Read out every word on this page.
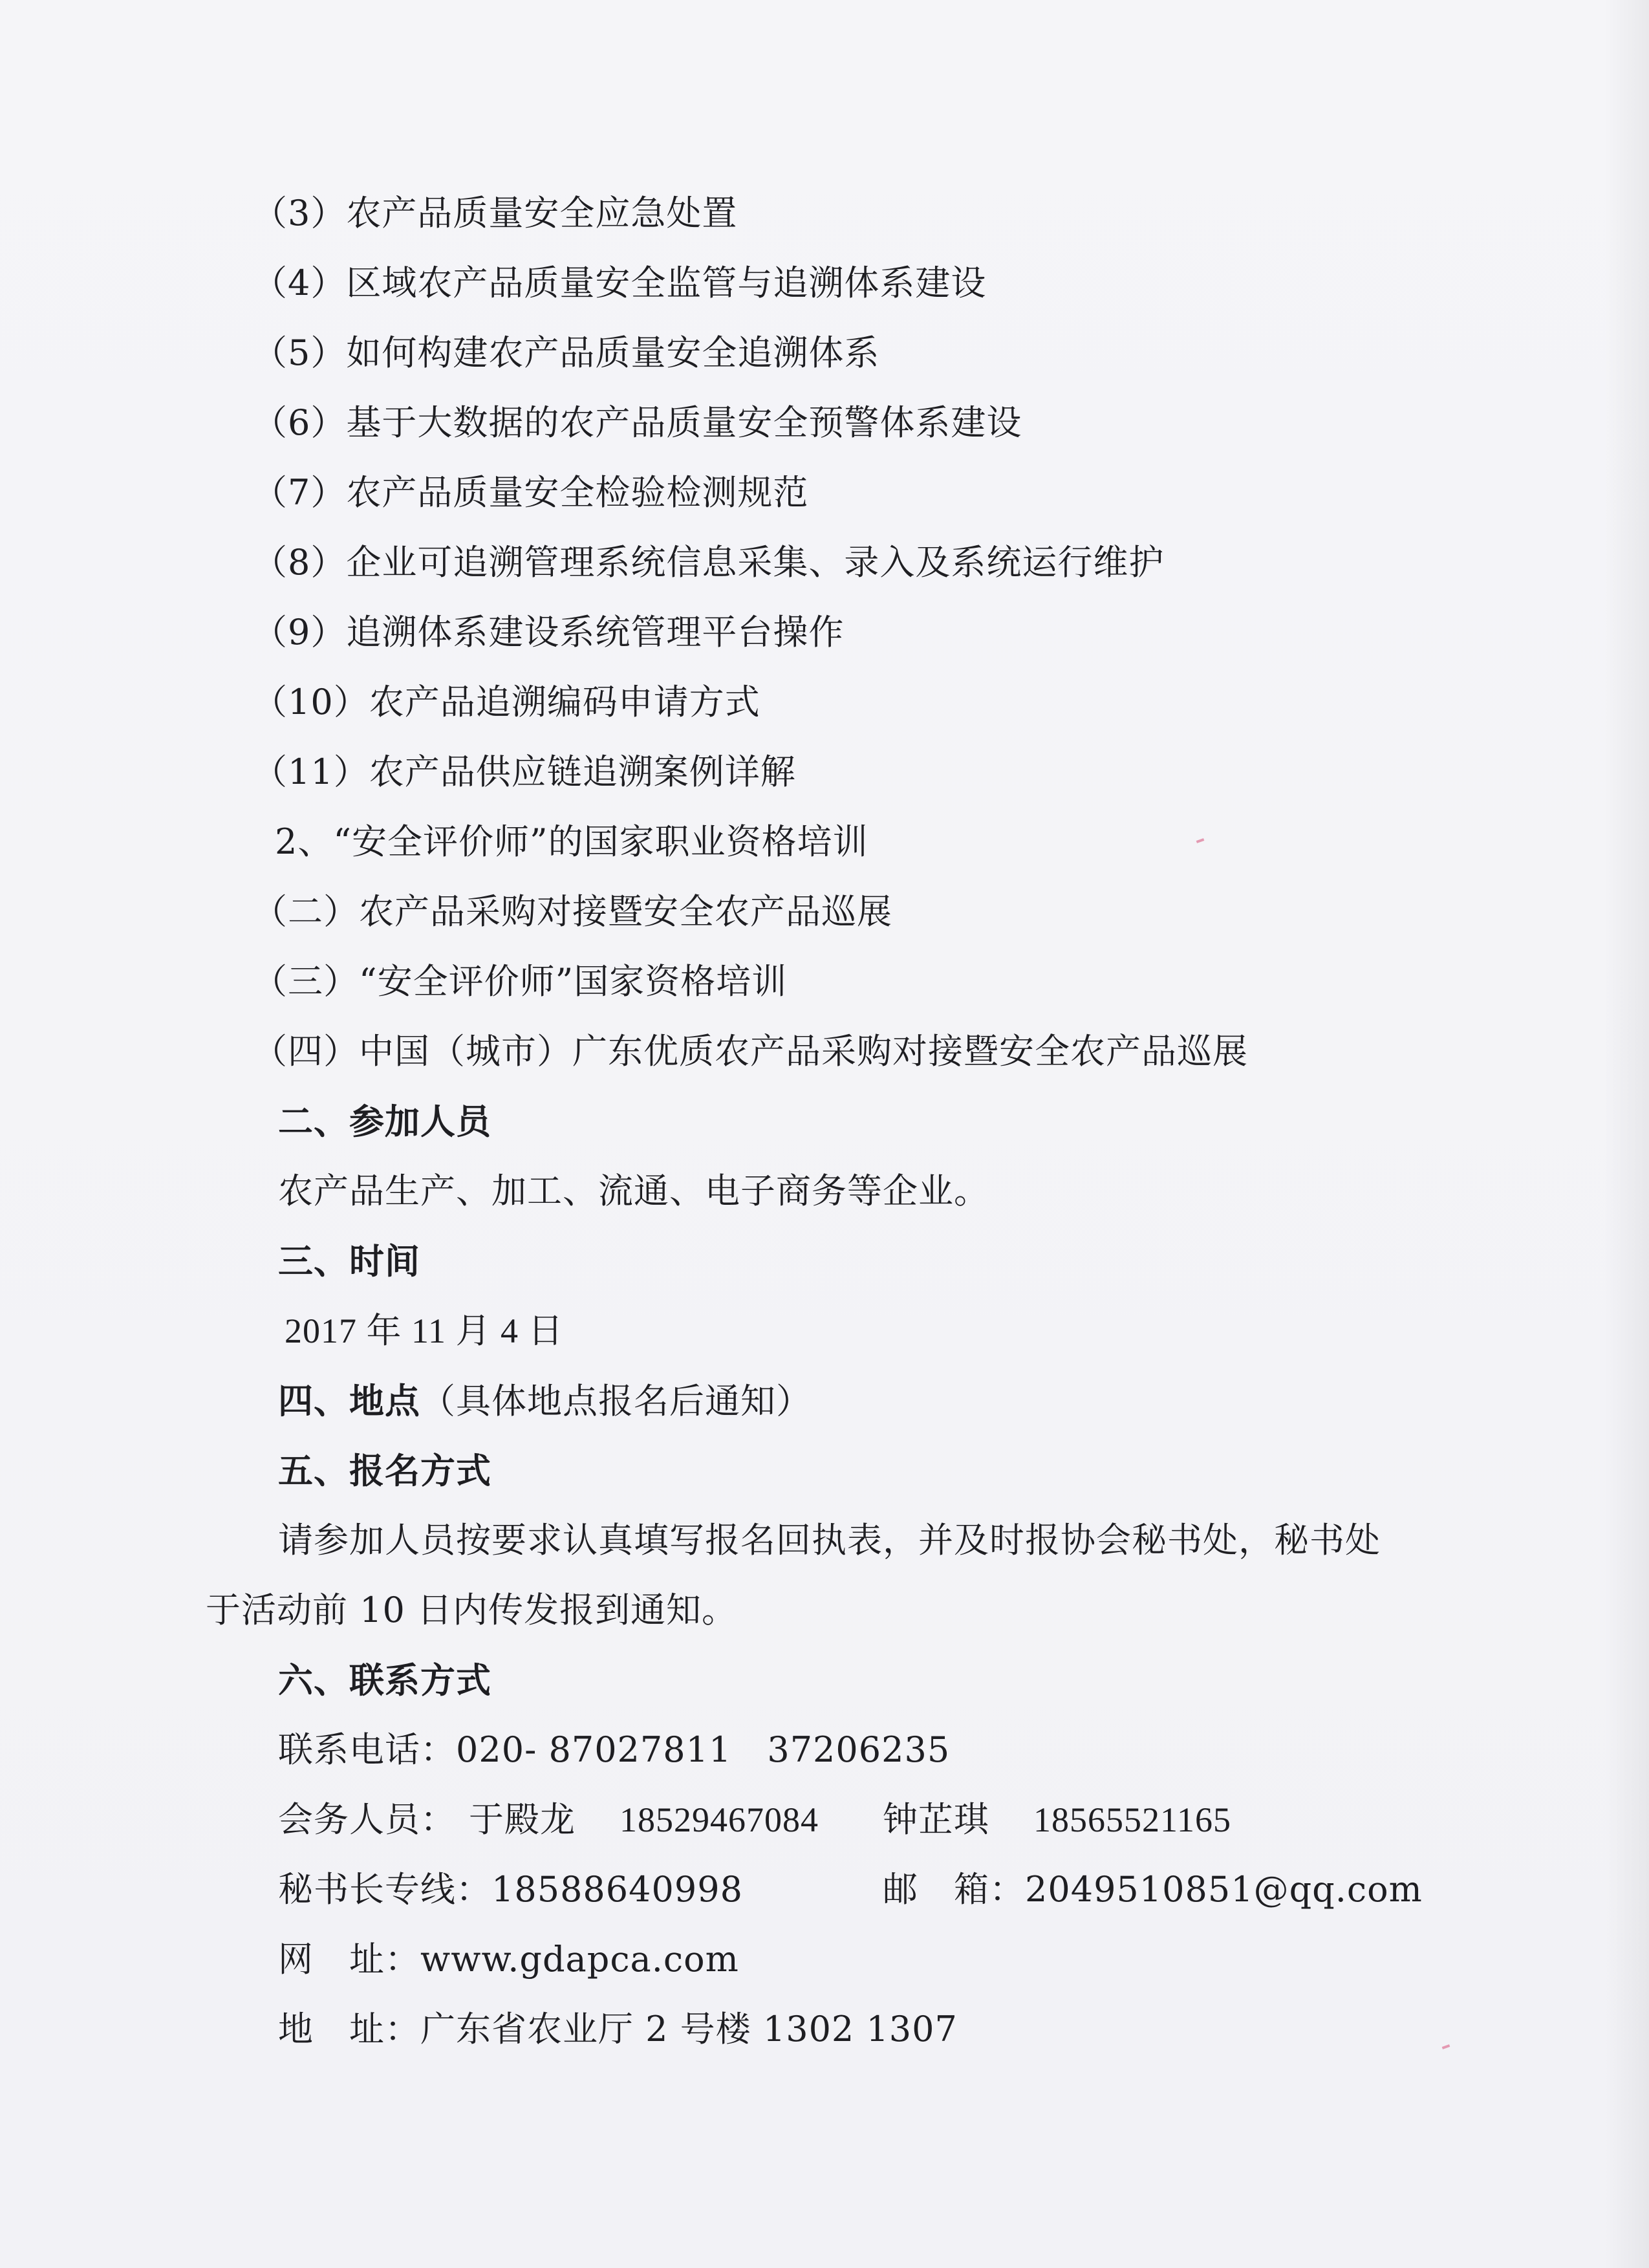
（3）农产品质量安全应急处置
（4）区域农产品质量安全监管与追溯体系建设
（5）如何构建农产品质量安全追溯体系
（6）基于大数据的农产品质量安全预警体系建设
（7）农产品质量安全检验检测规范
（8）企业可追溯管理系统信息采集、录入及系统运行维护
（9）追溯体系建设系统管理平台操作
（10）农产品追溯编码申请方式
（11）农产品供应链追溯案例详解
2、“安全评价师”的国家职业资格培训
（二）农产品采购对接暨安全农产品巡展
（三）“安全评价师”国家资格培训
（四）中国（城市）广东优质农产品采购对接暨安全农产品巡展
二、参加人员
农产品生产、加工、流通、电子商务等企业。
三、时间
2017 年 11 月 4 日
四、地点（具体地点报名后通知）
五、报名方式
请参加人员按要求认真填写报名回执表，并及时报协会秘书处，秘书处
于活动前 10 日内传发报到通知。
六、联系方式
联系电话：020- 87027811　37206235
会务人员： 于殿龙 18529467084 钟芷琪 18565521165
秘书长专线：18588640998	邮　箱：2049510851@qq.com
网　址：www.gdapca.com
地　址：广东省农业厅 2 号楼 1302 1307
